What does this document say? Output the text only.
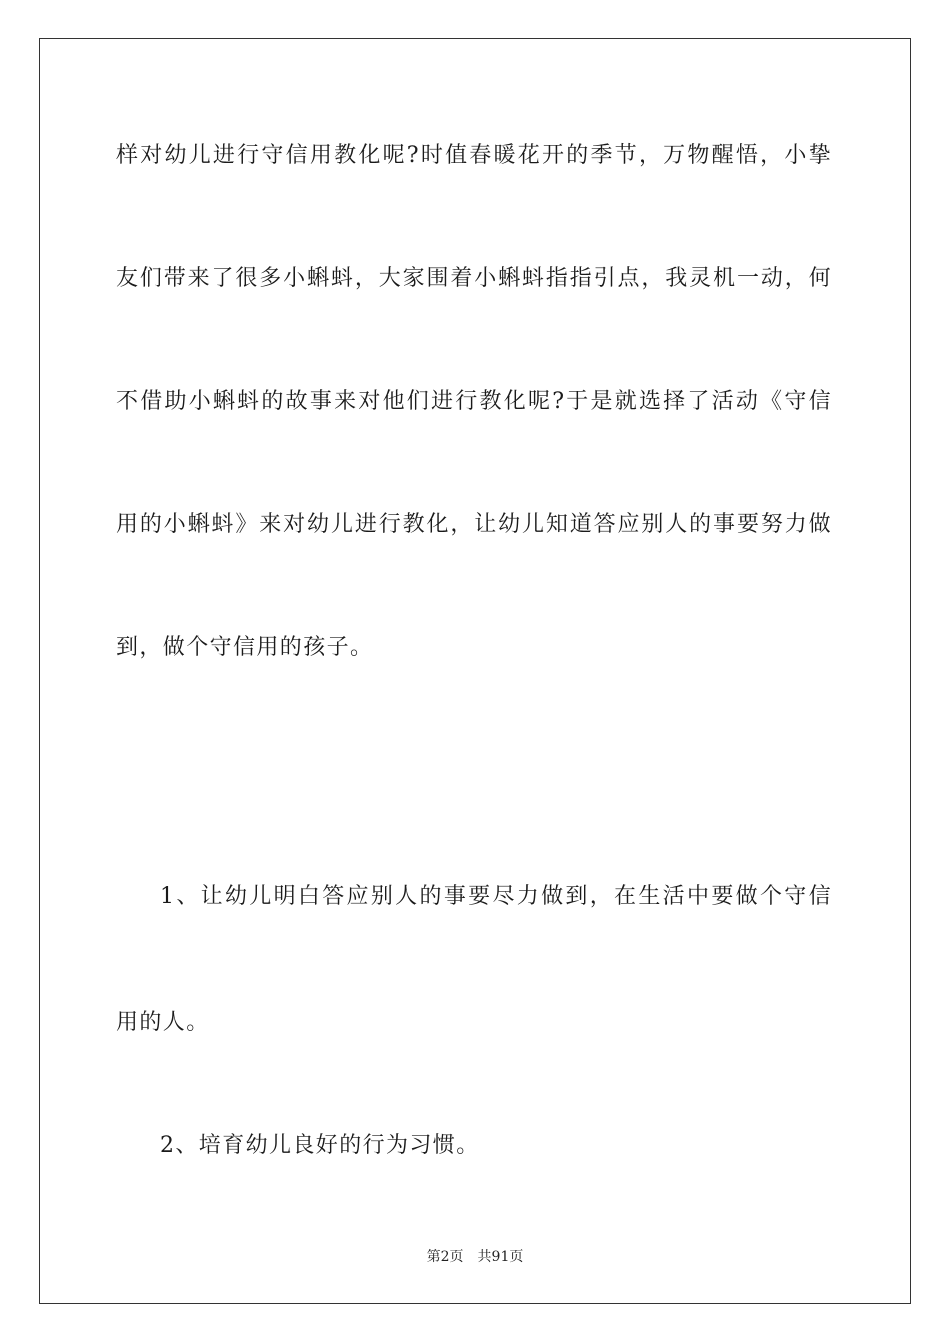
样对幼儿进行守信用教化呢?时值春暖花开的季节，万物醒悟，小挚
友们带来了很多小蝌蚪，大家围着小蝌蚪指指引点，我灵机一动，何
不借助小蝌蚪的故事来对他们进行教化呢?于是就选择了活动《守信
用的小蝌蚪》来对幼儿进行教化，让幼儿知道答应别人的事要努力做
到，做个守信用的孩子。
1、让幼儿明白答应别人的事要尽力做到，在生活中要做个守信
用的人。
2、培育幼儿良好的行为习惯。
第2页 共91页
